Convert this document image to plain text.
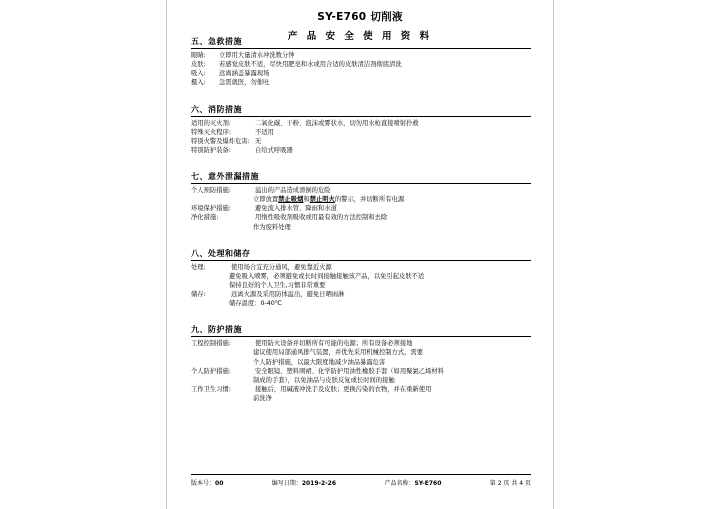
SY-E760 切削液
产 品 安 全 使 用 资 料
五、急救措施
眼睛:	立即用大量清水冲洗数分钟
皮肤:	若感觉皮肤不适，尽快用肥皂和水或用合适的皮肤清洁剂彻底清洗
吸入:	远离涵盖暴露现场
摄入:	急需就医，勿催吐
六、消防措施
适用的灭火剂:	二氧化碳、干粉、泡沫或雾状水，切勿用水枪直接喷射扑救
特殊灭火程序:	不适用
特别火警及爆炸危害: 无
特别防护装备:	自给式呼吸器
七、意外泄漏措施
个人预防措施:	溢出的产品造成滑倒的危险
立即放置禁止吸烟和禁止明火的警示，并切断所有电源
环境保护措施:	避免流入排水管、降雨和水道
净化措施:	用惰性吸收剂吸收或用最有效的方法控制和去除
作为废料处理
八、处理和储存
处理:	使用场合宜充分通风，避免靠近火源
避免吸入喷雾，必须避免或长时间接触接触该产品，以免引起皮肤不适
保持良好的个人卫生,习惯非常重要
储存:	远离火源及采用防体溢出，避免日晒雨淋
储存温度：0-40℃
九、防护措施
工程控制措施:	使用防火设备并切断所有可能的电源；所有设备必须接地
建议使用局部通风排气装置，并优先采用机械控制方式，需要
个人防护措施，以最大限度地减少油品暴露危害
个人防护措施:	安全眼镜、塑料围裙、化学防护用油性橡胶手套（如用聚氯乙烯材料
制成的手套），以免油品与皮肤反复或长时间的接触
工作卫生习惯:	接触后，用碱液冲洗手及皮肤；更换污染的衣物，并在重新使用
前洗净
版本号：00	编写日期：2019-2-26	产品名称：SY-E760	第 2 页 共 4 页
